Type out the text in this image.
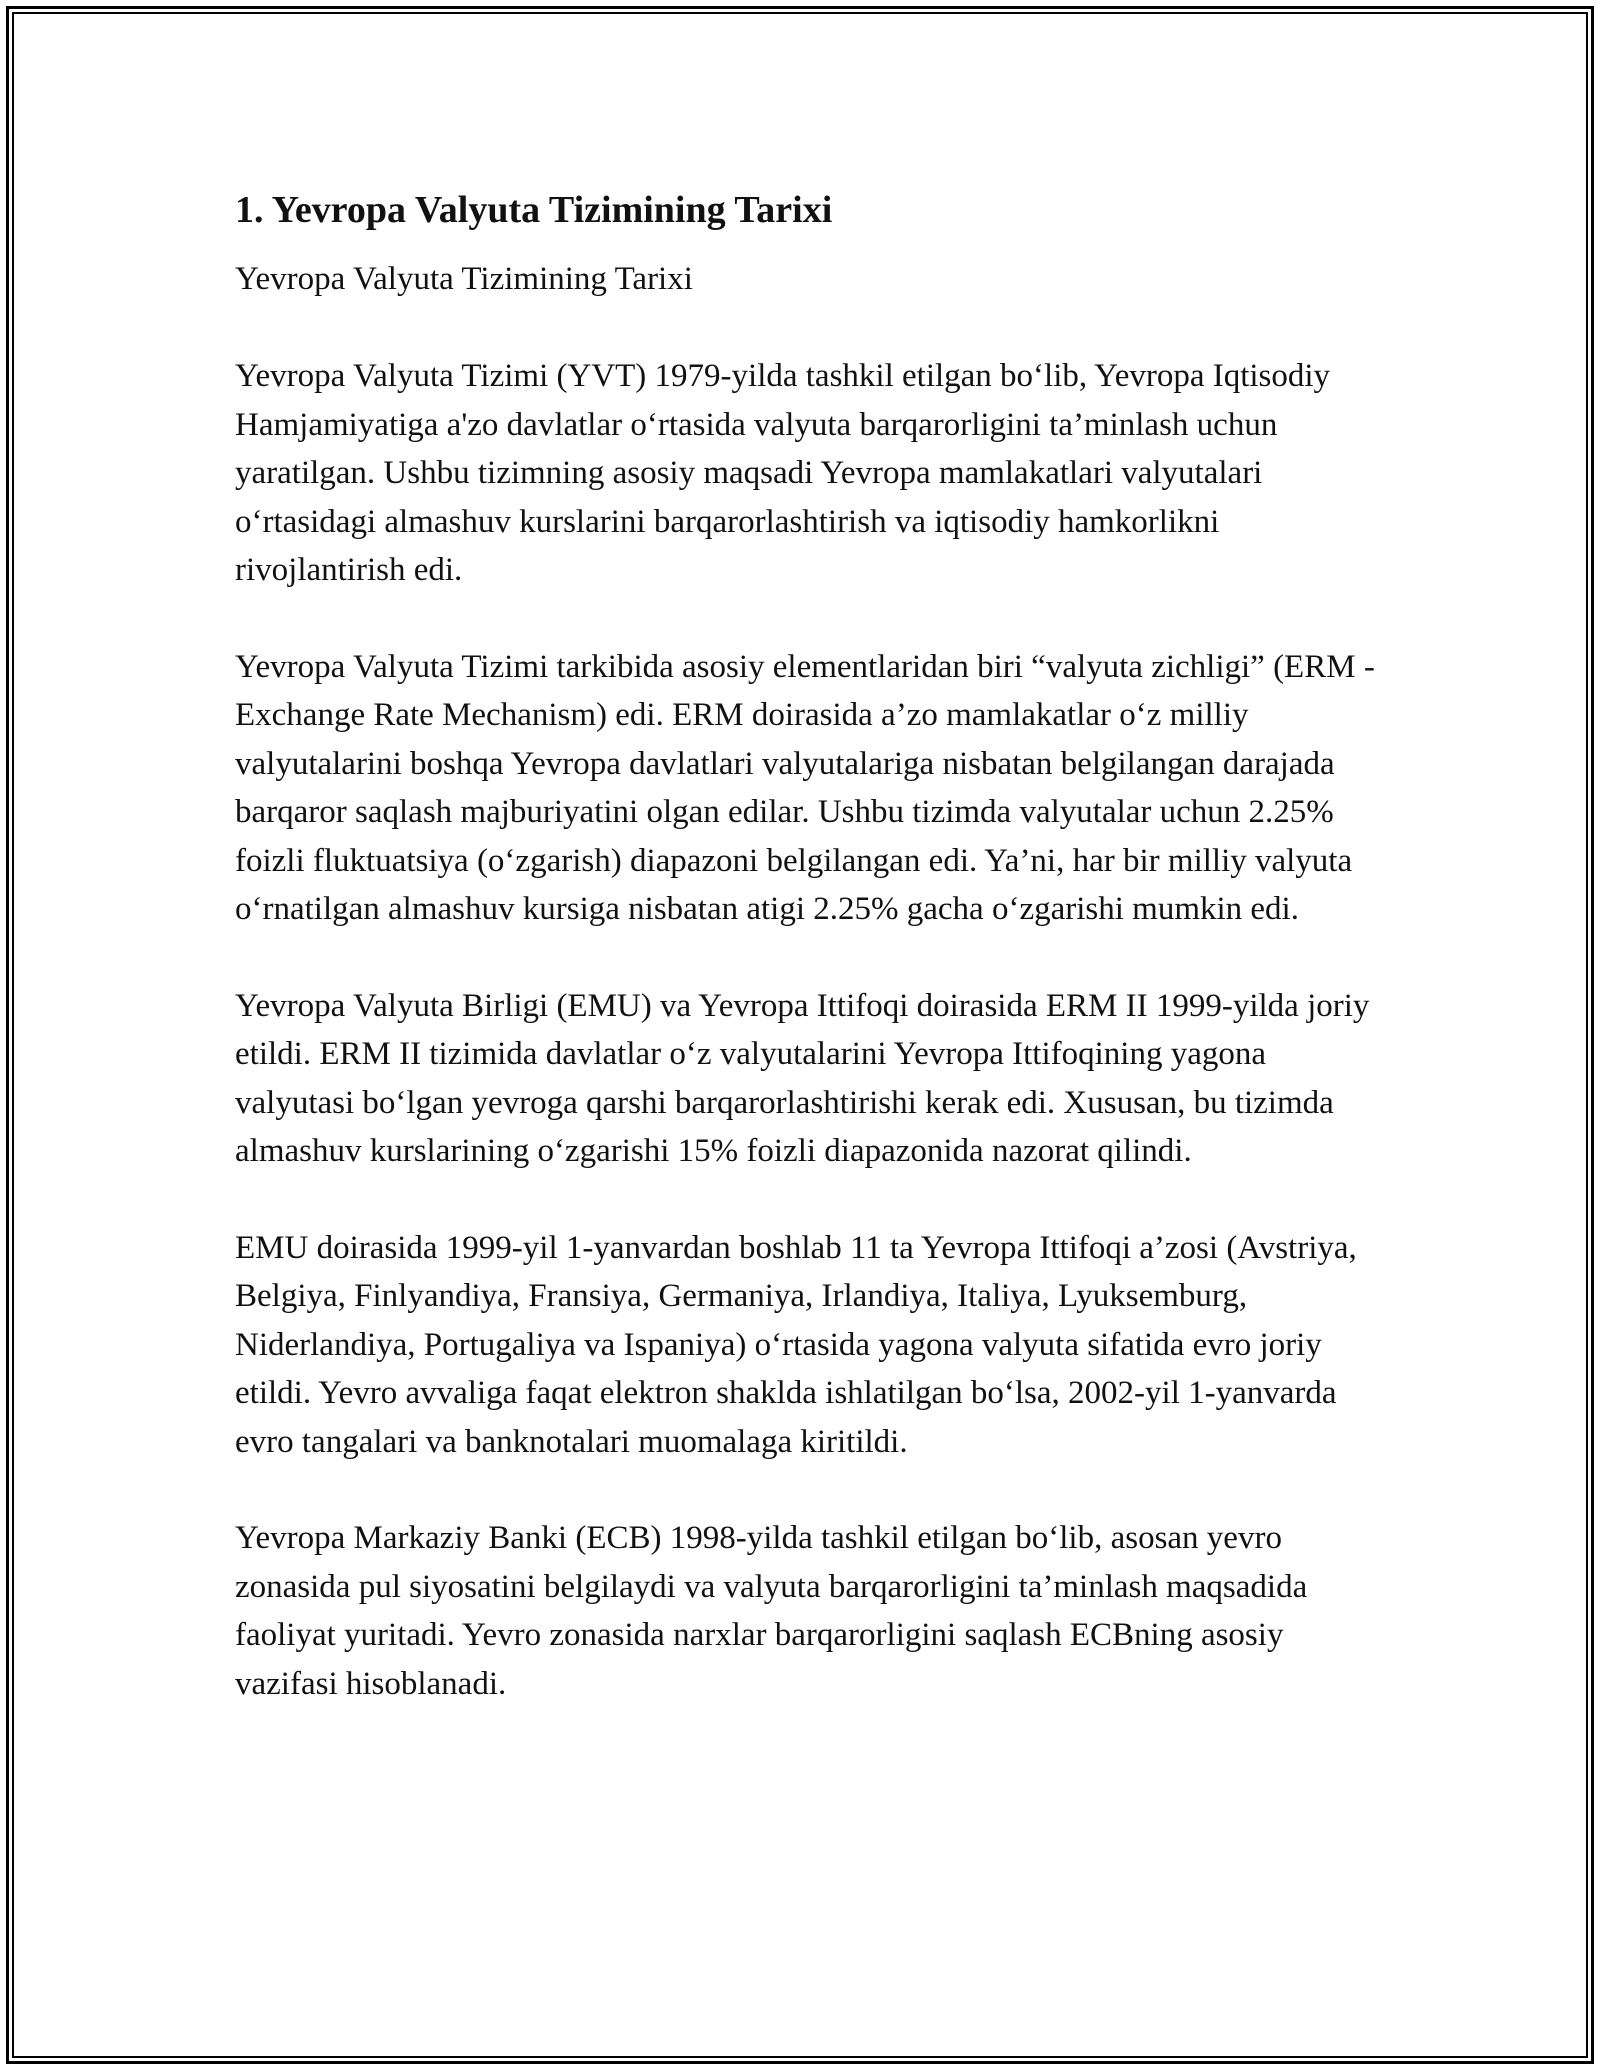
1. Yevropa Valyuta Tizimining Tarixi
Yevropa Valyuta Tizimining Tarixi

Yevropa Valyuta Tizimi (YVT) 1979-yilda tashkil etilgan bo‘lib, Yevropa Iqtisodiy Hamjamiyatiga a'zo davlatlar o‘rtasida valyuta barqarorligini ta’minlash uchun yaratilgan. Ushbu tizimning asosiy maqsadi Yevropa mamlakatlari valyutalari o‘rtasidagi almashuv kurslarini barqarorlashtirish va iqtisodiy hamkorlikni rivojlantirish edi.

Yevropa Valyuta Tizimi tarkibida asosiy elementlaridan biri “valyuta zichligi” (ERM - Exchange Rate Mechanism) edi. ERM doirasida a’zo mamlakatlar o‘z milliy valyutalarini boshqa Yevropa davlatlari valyutalariga nisbatan belgilangan darajada barqaror saqlash majburiyatini olgan edilar. Ushbu tizimda valyutalar uchun 2.25% foizli fluktuatsiya (o‘zgarish) diapazoni belgilangan edi. Ya’ni, har bir milliy valyuta o‘rnatilgan almashuv kursiga nisbatan atigi 2.25% gacha o‘zgarishi mumkin edi.

Yevropa Valyuta Birligi (EMU) va Yevropa Ittifoqi doirasida ERM II 1999-yilda joriy etildi. ERM II tizimida davlatlar o‘z valyutalarini Yevropa Ittifoqining yagona valyutasi bo‘lgan yevroga qarshi barqarorlashtirishi kerak edi. Xususan, bu tizimda almashuv kurslarining o‘zgarishi 15% foizli diapazonida nazorat qilindi.

EMU doirasida 1999-yil 1-yanvardan boshlab 11 ta Yevropa Ittifoqi a’zosi (Avstriya, Belgiya, Finlyandiya, Fransiya, Germaniya, Irlandiya, Italiya, Lyuksemburg, Niderlandiya, Portugaliya va Ispaniya) o‘rtasida yagona valyuta sifatida evro joriy etildi. Yevro avvaliga faqat elektron shaklda ishlatilgan bo‘lsa, 2002-yil 1-yanvarda evro tangalari va banknotalari muomalaga kiritildi.

Yevropa Markaziy Banki (ECB) 1998-yilda tashkil etilgan bo‘lib, asosan yevro zonasida pul siyosatini belgilaydi va valyuta barqarorligini ta’minlash maqsadida faoliyat yuritadi. Yevro zonasida narxlar barqarorligini saqlash ECBning asosiy vazifasi hisoblanadi.
